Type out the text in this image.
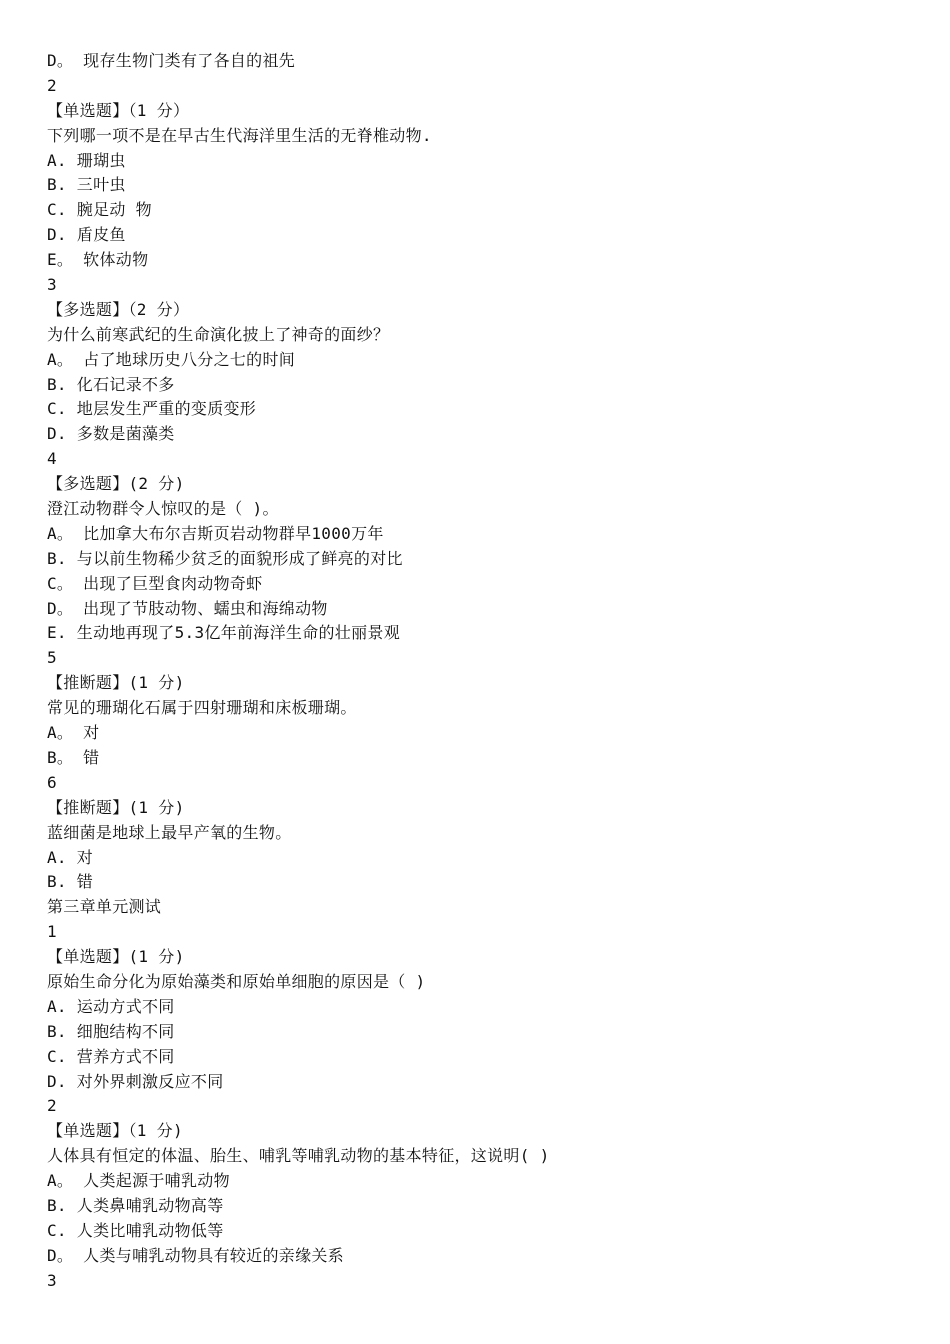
D。 现存生物门类有了各自的祖先
2
【单选题】（1 分）
下列哪一项不是在早古生代海洋里生活的无脊椎动物.
A. 珊瑚虫
B. 三叶虫
C. 腕足动 物
D. 盾皮鱼
E。 软体动物
3
【多选题】（2 分）
为什么前寒武纪的生命演化披上了神奇的面纱？
A。 占了地球历史八分之七的时间
B. 化石记录不多
C. 地层发生严重的变质变形
D. 多数是菌藻类
4
【多选题】(2 分)
澄江动物群令人惊叹的是（ )。
A。 比加拿大布尔吉斯页岩动物群早1000万年
B. 与以前生物稀少贫乏的面貌形成了鲜亮的对比
C。 出现了巨型食肉动物奇虾
D。 出现了节肢动物、蠕虫和海绵动物
E. 生动地再现了5.3亿年前海洋生命的壮丽景观
5
【推断题】(1 分)
常见的珊瑚化石属于四射珊瑚和床板珊瑚。
A。 对
B。 错
6
【推断题】(1 分)
蓝细菌是地球上最早产氧的生物。
A. 对
B. 错
第三章单元测试
1
【单选题】(1 分)
原始生命分化为原始藻类和原始单细胞的原因是（ )
A. 运动方式不同
B. 细胞结构不同
C. 营养方式不同
D. 对外界刺激反应不同
2
【单选题】（1 分)
人体具有恒定的体温、胎生、哺乳等哺乳动物的基本特征，这说明( )
A。 人类起源于哺乳动物
B. 人类鼻哺乳动物高等
C. 人类比哺乳动物低等
D。 人类与哺乳动物具有较近的亲缘关系
3
